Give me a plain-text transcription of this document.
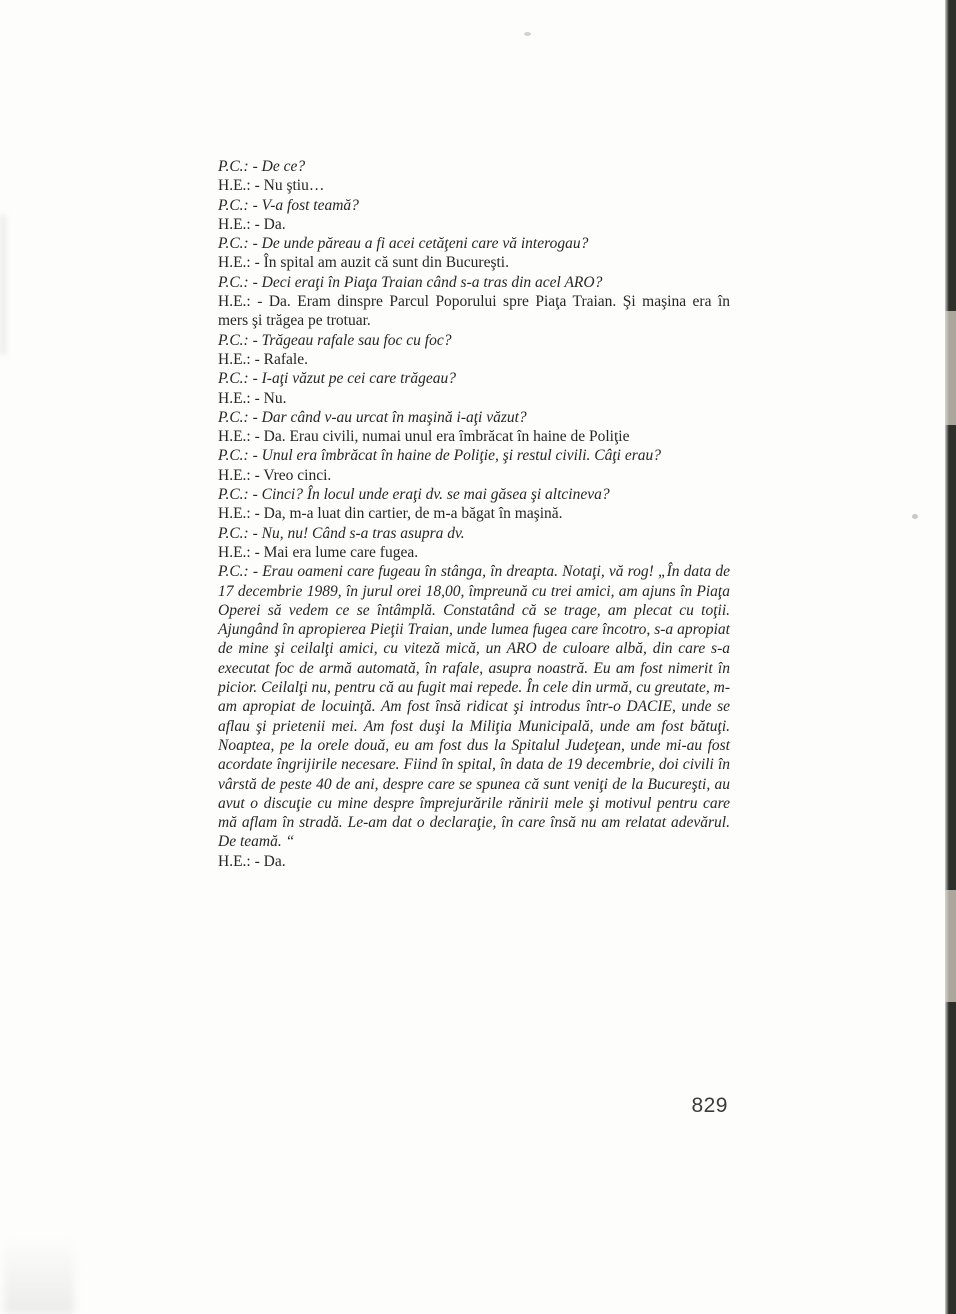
P.C.: - De ce?

H.E.: - Nu ştiu…

P.C.: - V-a fost teamă?

H.E.: - Da.

P.C.: - De unde păreau a fi acei cetăţeni care vă interogau?

H.E.: - În spital am auzit că sunt din Bucureşti.

P.C.: - Deci eraţi în Piaţa Traian când s-a tras din acel ARO?

H.E.: - Da. Eram dinspre Parcul Poporului spre Piaţa Traian. Şi maşina era în mers şi trăgea pe trotuar.

P.C.: - Trăgeau rafale sau foc cu foc?

H.E.: - Rafale.

P.C.: - I-aţi văzut pe cei care trăgeau?

H.E.: - Nu.

P.C.: - Dar când v-au urcat în maşină i-aţi văzut?

H.E.: - Da. Erau civili, numai unul era îmbrăcat în haine de Poliţie

P.C.: - Unul era îmbrăcat în haine de Poliţie, şi restul civili. Câţi erau?

H.E.: - Vreo cinci.

P.C.: - Cinci? În locul unde eraţi dv. se mai găsea şi altcineva?

H.E.: - Da, m-a luat din cartier, de m-a băgat în maşină.

P.C.: - Nu, nu! Când s-a tras asupra dv.

H.E.: - Mai era lume care fugea.

P.C.: - Erau oameni care fugeau în stânga, în dreapta. Notaţi, vă rog! „În data de 17 decembrie 1989, în jurul orei 18,00, împreună cu trei amici, am ajuns în Piaţa Operei să vedem ce se întâmplă. Constatând că se trage, am plecat cu toţii. Ajungând în apropierea Pieţii Traian, unde lumea fugea care încotro, s-a apropiat de mine şi ceilalţi amici, cu viteză mică, un ARO de culoare albă, din care s-a executat foc de armă automată, în rafale, asupra noastră. Eu am fost nimerit în picior. Ceilalţi nu, pentru că au fugit mai repede. În cele din urmă, cu greutate, m-am apropiat de locuinţă. Am fost însă ridicat şi introdus într-o DACIE, unde se aflau şi prietenii mei. Am fost duşi la Miliţia Municipală, unde am fost bătuţi. Noaptea, pe la orele două, eu am fost dus la Spitalul Judeţean, unde mi-au fost acordate îngrijirile necesare. Fiind în spital, în data de 19 decembrie, doi civili în vârstă de peste 40 de ani, despre care se spunea că sunt veniţi de la Bucureşti, au avut o discuţie cu mine despre împrejurările rănirii mele şi motivul pentru care mă aflam în stradă. Le-am dat o declaraţie, în care însă nu am relatat adevărul. De teamă. “

H.E.: - Da.

829
